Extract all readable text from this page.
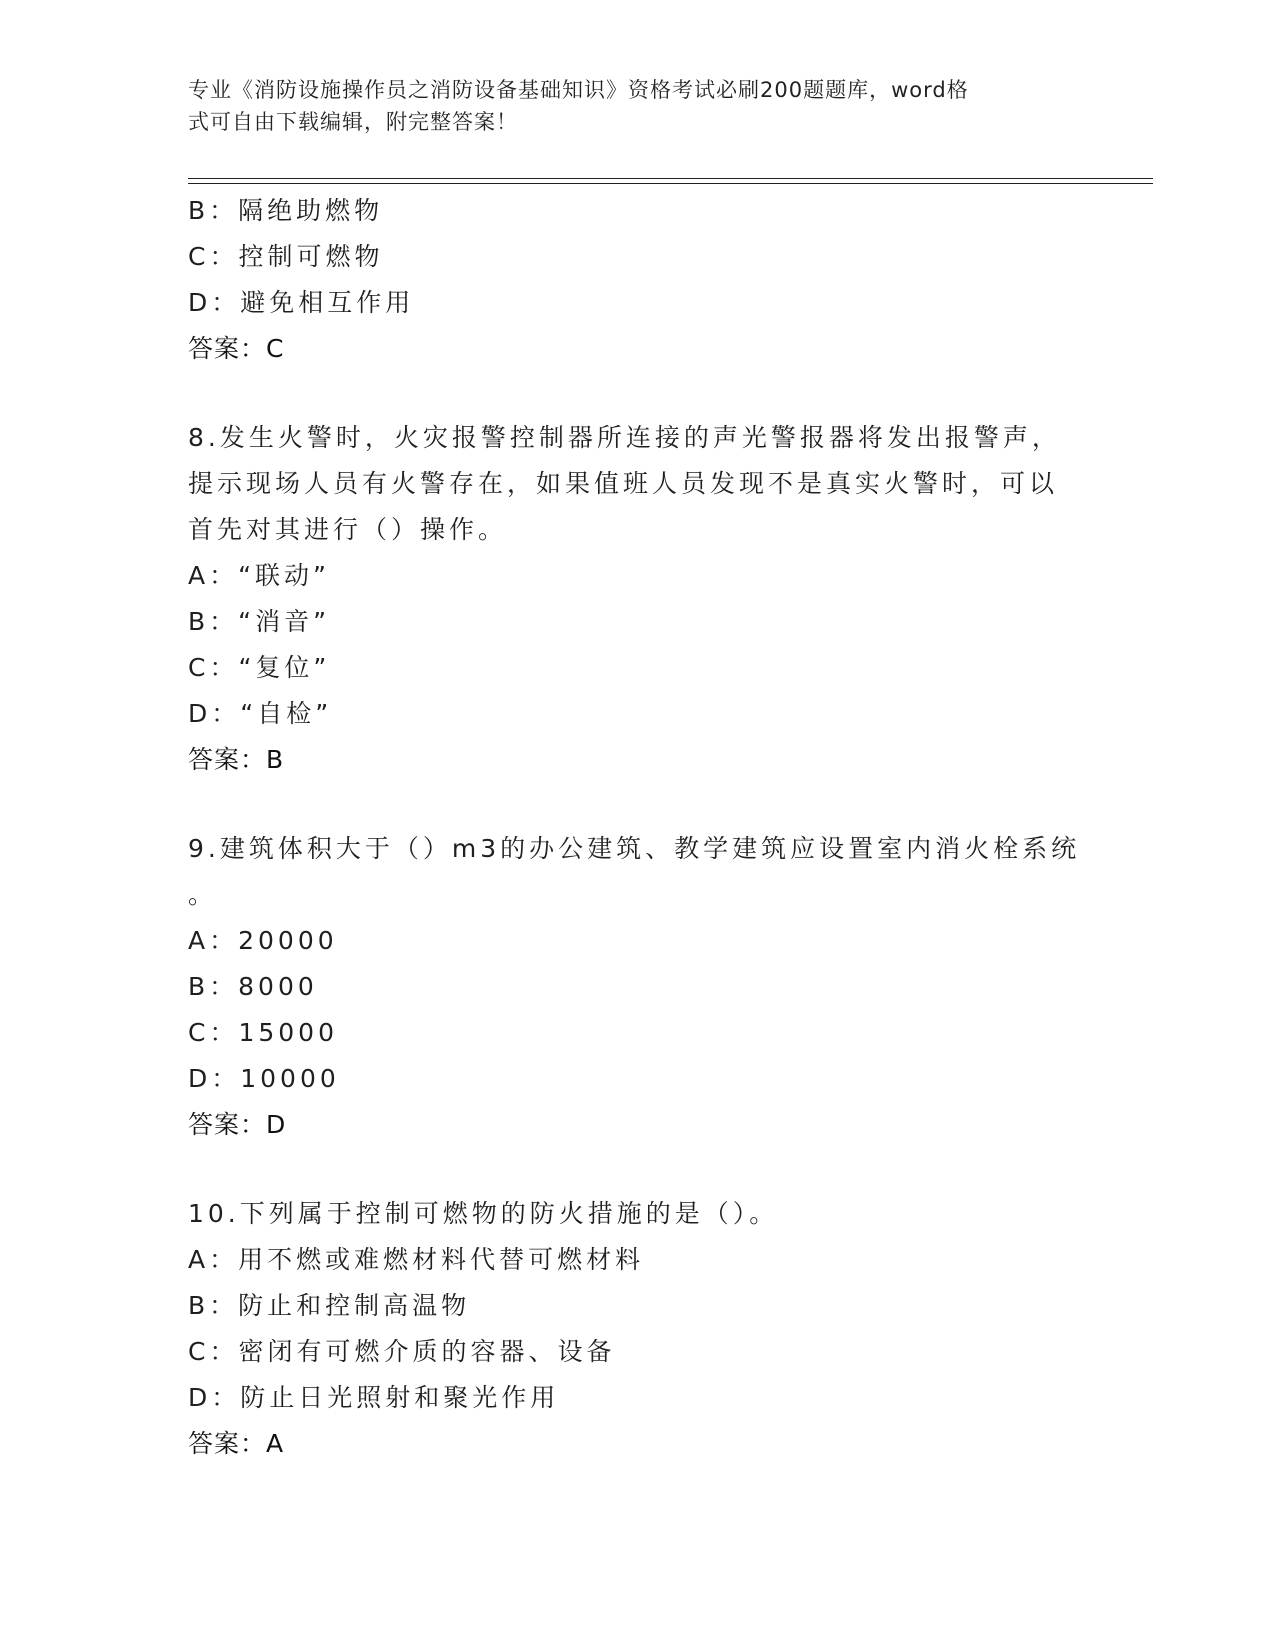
专业《消防设施操作员之消防设备基础知识》资格考试必刷200题题库，word格
式可自由下载编辑，附完整答案！
B：隔绝助燃物
C：控制可燃物
D：避免相互作用
答案：C
8.发生火警时，火灾报警控制器所连接的声光警报器将发出报警声，
提示现场人员有火警存在，如果值班人员发现不是真实火警时，可以
首先对其进行（）操作。
A：“联动”
B：“消音”
C：“复位”
D：“自检”
答案：B
9.建筑体积大于（）m3的办公建筑、教学建筑应设置室内消火栓系统
。
A：20000
B：8000
C：15000
D：10000
答案：D
10.下列属于控制可燃物的防火措施的是（）。
A：用不燃或难燃材料代替可燃材料
B：防止和控制高温物
C：密闭有可燃介质的容器、设备
D：防止日光照射和聚光作用
答案：A
